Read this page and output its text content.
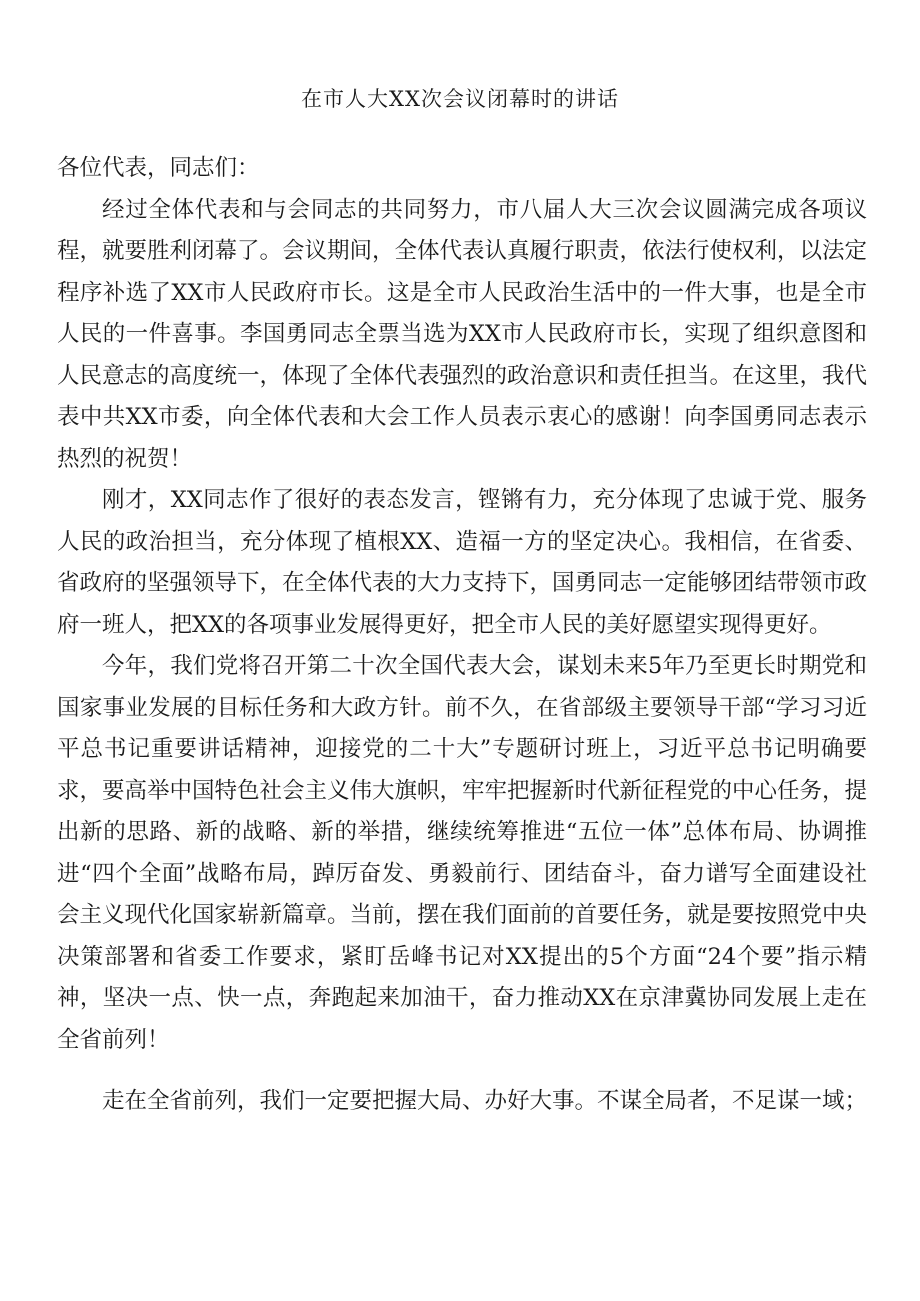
在市人大XX次会议闭幕时的讲话

各位代表，同志们：

经过全体代表和与会同志的共同努力，市八届人大三次会议圆满完成各项议程，就要胜利闭幕了。会议期间，全体代表认真履行职责，依法行使权利，以法定程序补选了XX市人民政府市长。这是全市人民政治生活中的一件大事，也是全市人民的一件喜事。李国勇同志全票当选为XX市人民政府市长，实现了组织意图和人民意志的高度统一，体现了全体代表强烈的政治意识和责任担当。在这里，我代表中共XX市委，向全体代表和大会工作人员表示衷心的感谢！向李国勇同志表示热烈的祝贺！

刚才，XX同志作了很好的表态发言，铿锵有力，充分体现了忠诚于党、服务人民的政治担当，充分体现了植根XX、造福一方的坚定决心。我相信，在省委、省政府的坚强领导下，在全体代表的大力支持下，国勇同志一定能够团结带领市政府一班人，把XX的各项事业发展得更好，把全市人民的美好愿望实现得更好。

今年，我们党将召开第二十次全国代表大会，谋划未来5年乃至更长时期党和国家事业发展的目标任务和大政方针。前不久，在省部级主要领导干部“学习习近平总书记重要讲话精神，迎接党的二十大”专题研讨班上，习近平总书记明确要求，要高举中国特色社会主义伟大旗帜，牢牢把握新时代新征程党的中心任务，提出新的思路、新的战略、新的举措，继续统筹推进“五位一体”总体布局、协调推进“四个全面”战略布局，踔厉奋发、勇毅前行、团结奋斗，奋力谱写全面建设社会主义现代化国家崭新篇章。当前，摆在我们面前的首要任务，就是要按照党中央决策部署和省委工作要求，紧盯岳峰书记对XX提出的5个方面“24个要”指示精神，坚决一点、快一点，奔跑起来加油干，奋力推动XX在京津冀协同发展上走在全省前列！

走在全省前列，我们一定要把握大局、办好大事。不谋全局者，不足谋一域；
